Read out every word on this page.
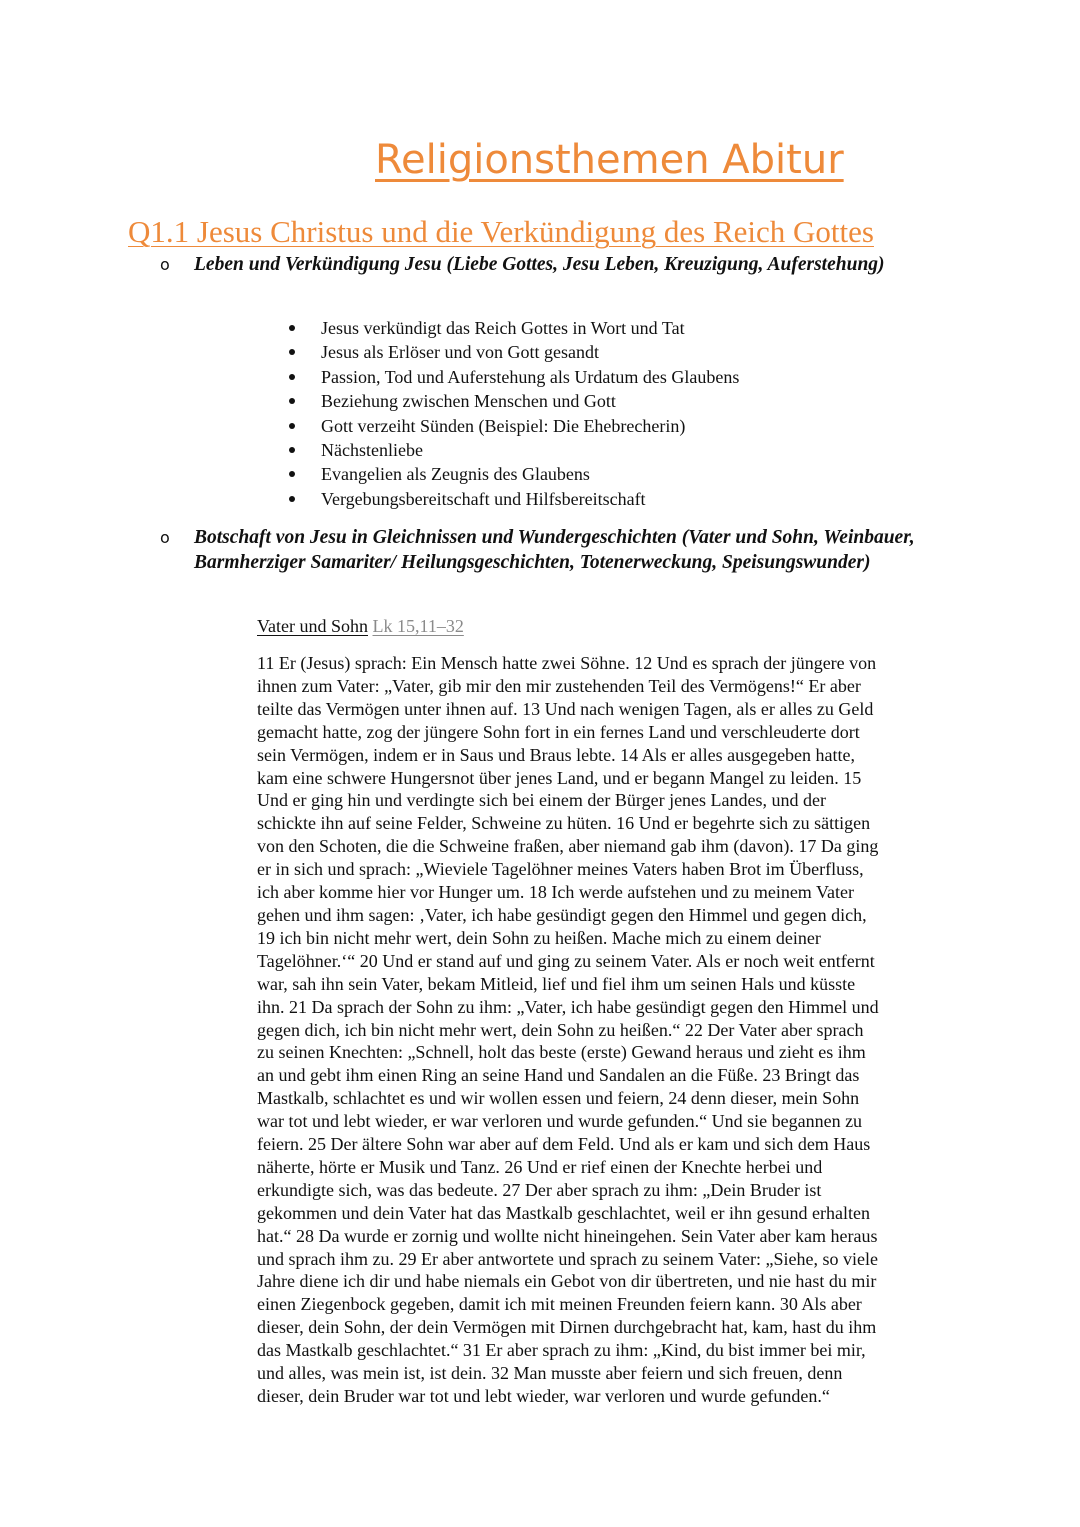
Religionsthemen Abitur
Q1.1 Jesus Christus und die Verkündigung des Reich Gottes
o Leben und Verkündigung Jesu (Liebe Gottes, Jesu Leben, Kreuzigung, Auferstehung)
Jesus verkündigt das Reich Gottes in Wort und Tat
Jesus als Erlöser und von Gott gesandt
Passion, Tod und Auferstehung als Urdatum des Glaubens
Beziehung zwischen Menschen und Gott
Gott verzeiht Sünden (Beispiel: Die Ehebrecherin)
Nächstenliebe
Evangelien als Zeugnis des Glaubens
Vergebungsbereitschaft und Hilfsbereitschaft
o Botschaft von Jesu in Gleichnissen und Wundergeschichten (Vater und Sohn, Weinbauer, Barmherziger Samariter/ Heilungsgeschichten, Totenerweckung, Speisungswunder)
Vater und Sohn Lk 15,11–32
11 Er (Jesus) sprach: Ein Mensch hatte zwei Söhne. 12 Und es sprach der jüngere von
ihnen zum Vater: „Vater, gib mir den mir zustehenden Teil des Vermögens!“ Er aber
teilte das Vermögen unter ihnen auf. 13 Und nach wenigen Tagen, als er alles zu Geld
gemacht hatte, zog der jüngere Sohn fort in ein fernes Land und verschleuderte dort
sein Vermögen, indem er in Saus und Braus lebte. 14 Als er alles ausgegeben hatte,
kam eine schwere Hungersnot über jenes Land, und er begann Mangel zu leiden. 15
Und er ging hin und verdingte sich bei einem der Bürger jenes Landes, und der
schickte ihn auf seine Felder, Schweine zu hüten. 16 Und er begehrte sich zu sättigen
von den Schoten, die die Schweine fraßen, aber niemand gab ihm (davon). 17 Da ging
er in sich und sprach: „Wieviele Tagelöhner meines Vaters haben Brot im Überfluss,
ich aber komme hier vor Hunger um. 18 Ich werde aufstehen und zu meinem Vater
gehen und ihm sagen: ‚Vater, ich habe gesündigt gegen den Himmel und gegen dich,
19 ich bin nicht mehr wert, dein Sohn zu heißen. Mache mich zu einem deiner
Tagelöhner.‘“ 20 Und er stand auf und ging zu seinem Vater. Als er noch weit entfernt
war, sah ihn sein Vater, bekam Mitleid, lief und fiel ihm um seinen Hals und küsste
ihn. 21 Da sprach der Sohn zu ihm: „Vater, ich habe gesündigt gegen den Himmel und
gegen dich, ich bin nicht mehr wert, dein Sohn zu heißen.“ 22 Der Vater aber sprach
zu seinen Knechten: „Schnell, holt das beste (erste) Gewand heraus und zieht es ihm
an und gebt ihm einen Ring an seine Hand und Sandalen an die Füße. 23 Bringt das
Mastkalb, schlachtet es und wir wollen essen und feiern, 24 denn dieser, mein Sohn
war tot und lebt wieder, er war verloren und wurde gefunden.“ Und sie begannen zu
feiern. 25 Der ältere Sohn war aber auf dem Feld. Und als er kam und sich dem Haus
näherte, hörte er Musik und Tanz. 26 Und er rief einen der Knechte herbei und
erkundigte sich, was das bedeute. 27 Der aber sprach zu ihm: „Dein Bruder ist
gekommen und dein Vater hat das Mastkalb geschlachtet, weil er ihn gesund erhalten
hat.“ 28 Da wurde er zornig und wollte nicht hineingehen. Sein Vater aber kam heraus
und sprach ihm zu. 29 Er aber antwortete und sprach zu seinem Vater: „Siehe, so viele
Jahre diene ich dir und habe niemals ein Gebot von dir übertreten, und nie hast du mir
einen Ziegenbock gegeben, damit ich mit meinen Freunden feiern kann. 30 Als aber
dieser, dein Sohn, der dein Vermögen mit Dirnen durchgebracht hat, kam, hast du ihm
das Mastkalb geschlachtet.“ 31 Er aber sprach zu ihm: „Kind, du bist immer bei mir,
und alles, was mein ist, ist dein. 32 Man musste aber feiern und sich freuen, denn
dieser, dein Bruder war tot und lebt wieder, war verloren und wurde gefunden.“
